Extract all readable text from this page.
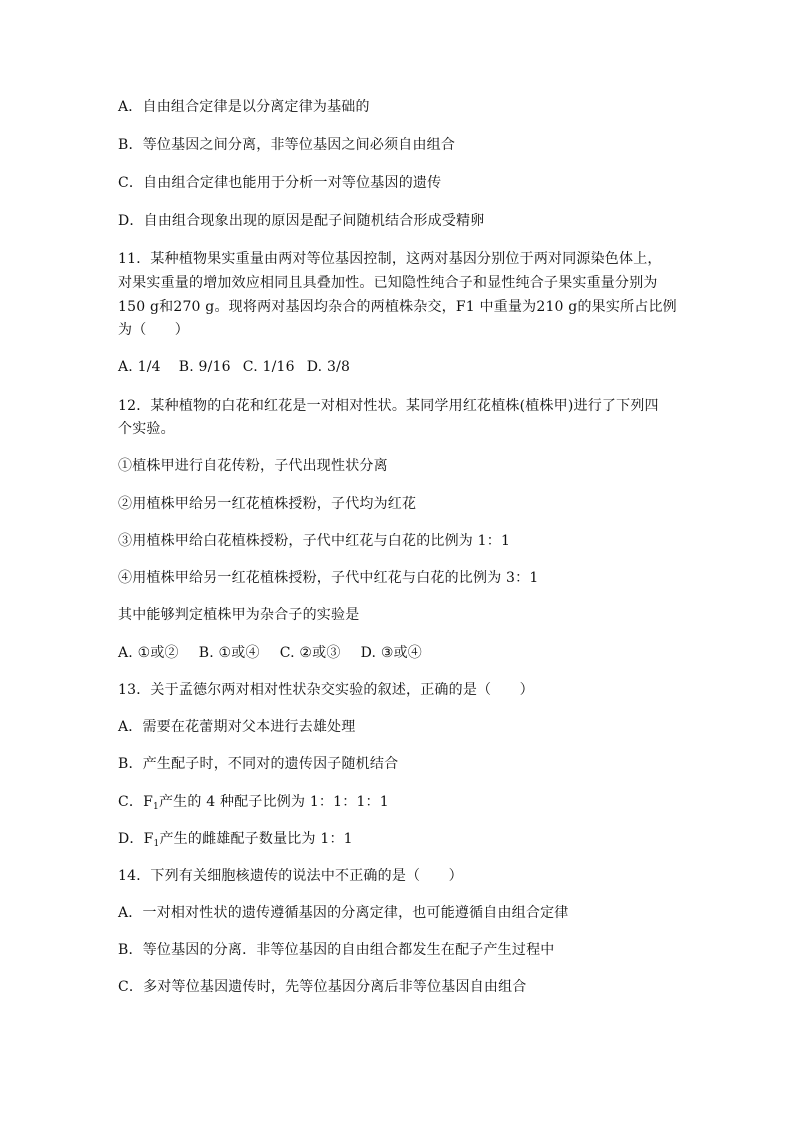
A．自由组合定律是以分离定律为基础的
B．等位基因之间分离，非等位基因之间必须自由组合
C．自由组合定律也能用于分析一对等位基因的遗传
D．自由组合现象出现的原因是配子间随机结合形成受精卵
11．某种植物果实重量由两对等位基因控制，这两对基因分别位于两对同源染色体上，
对果实重量的增加效应相同且具叠加性。已知隐性纯合子和显性纯合子果实重量分别为
150 g和270 g。现将两对基因均杂合的两植株杂交，F1 中重量为210 g的果实所占比例
为（　　）
A. 1/4 B. 9/16 C. 1/16 D. 3/8
12．某种植物的白花和红花是一对相对性状。某同学用红花植株(植株甲)进行了下列四
个实验。
①植株甲进行自花传粉，子代出现性状分离
②用植株甲给另一红花植株授粉，子代均为红花
③用植株甲给白花植株授粉，子代中红花与白花的比例为 1：1
④用植株甲给另一红花植株授粉，子代中红花与白花的比例为 3：1
其中能够判定植株甲为杂合子的实验是
A. ①或② B. ①或④ C. ②或③ D. ③或④
13．关于孟德尔两对相对性状杂交实验的叙述，正确的是（　　）
A．需要在花蕾期对父本进行去雄处理
B．产生配子时，不同对的遗传因子随机结合
C．$F_1$产生的 4 种配子比例为 1：1：1：1
D．$F_1$产生的雌雄配子数量比为 1：1
14．下列有关细胞核遗传的说法中不正确的是（　　）
A．一对相对性状的遗传遵循基因的分离定律，也可能遵循自由组合定律
B．等位基因的分离．非等位基因的自由组合都发生在配子产生过程中
C．多对等位基因遗传时，先等位基因分离后非等位基因自由组合
